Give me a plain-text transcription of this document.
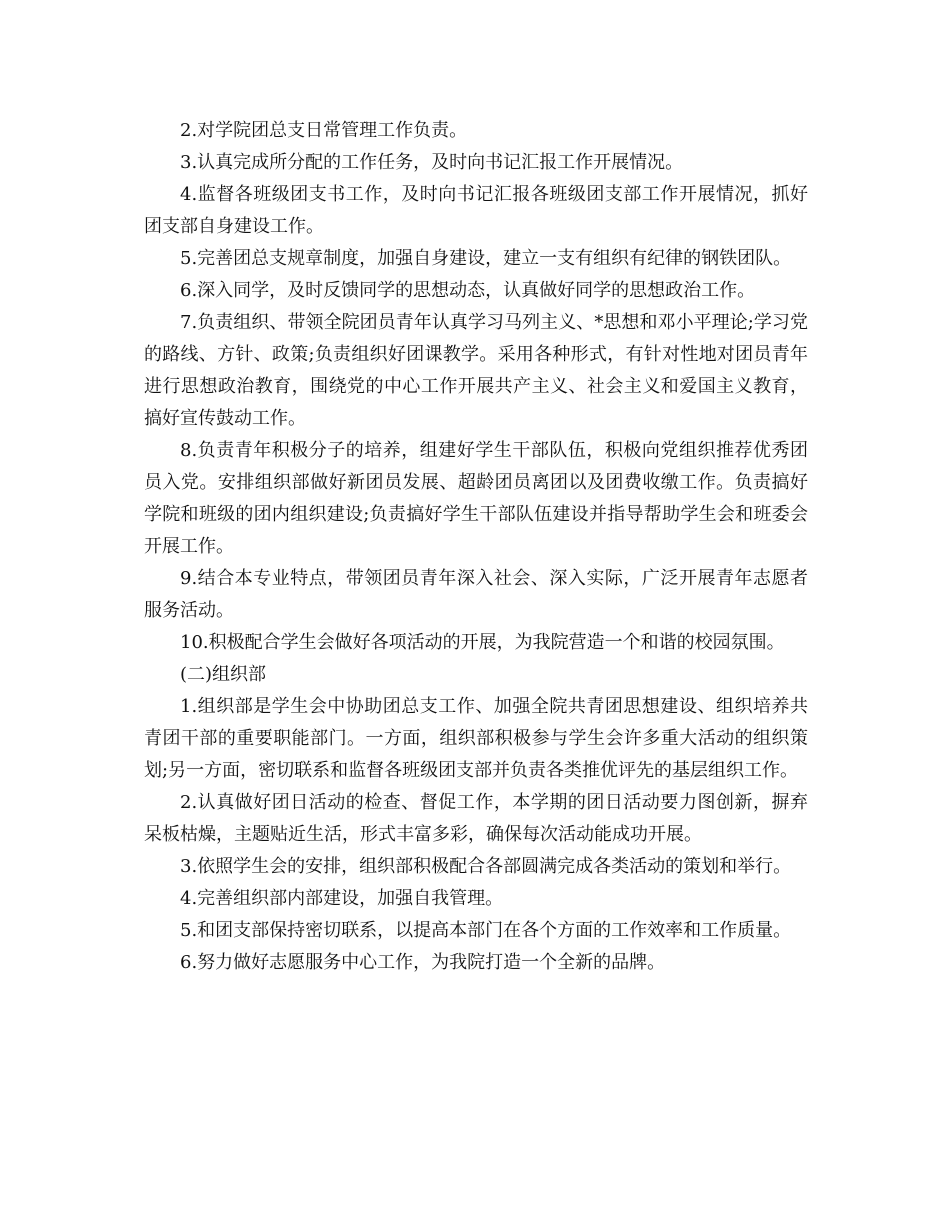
2.对学院团总支日常管理工作负责。

3.认真完成所分配的工作任务，及时向书记汇报工作开展情况。

4.监督各班级团支书工作，及时向书记汇报各班级团支部工作开展情况，抓好团支部自身建设工作。

5.完善团总支规章制度，加强自身建设，建立一支有组织有纪律的钢铁团队。

6.深入同学，及时反馈同学的思想动态，认真做好同学的思想政治工作。

7.负责组织、带领全院团员青年认真学习马列主义、*思想和邓小平理论;学习党的路线、方针、政策;负责组织好团课教学。采用各种形式，有针对性地对团员青年进行思想政治教育，围绕党的中心工作开展共产主义、社会主义和爱国主义教育，搞好宣传鼓动工作。

8.负责青年积极分子的培养，组建好学生干部队伍，积极向党组织推荐优秀团员入党。安排组织部做好新团员发展、超龄团员离团以及团费收缴工作。负责搞好学院和班级的团内组织建设;负责搞好学生干部队伍建设并指导帮助学生会和班委会开展工作。

9.结合本专业特点，带领团员青年深入社会、深入实际，广泛开展青年志愿者服务活动。

10.积极配合学生会做好各项活动的开展，为我院营造一个和谐的校园氛围。

(二)组织部

1.组织部是学生会中协助团总支工作、加强全院共青团思想建设、组织培养共青团干部的重要职能部门。一方面，组织部积极参与学生会许多重大活动的组织策划;另一方面，密切联系和监督各班级团支部并负责各类推优评先的基层组织工作。

2.认真做好团日活动的检查、督促工作，本学期的团日活动要力图创新，摒弃呆板枯燥，主题贴近生活，形式丰富多彩，确保每次活动能成功开展。

3.依照学生会的安排，组织部积极配合各部圆满完成各类活动的策划和举行。

4.完善组织部内部建设，加强自我管理。

5.和团支部保持密切联系，以提高本部门在各个方面的工作效率和工作质量。

6.努力做好志愿服务中心工作，为我院打造一个全新的品牌。
